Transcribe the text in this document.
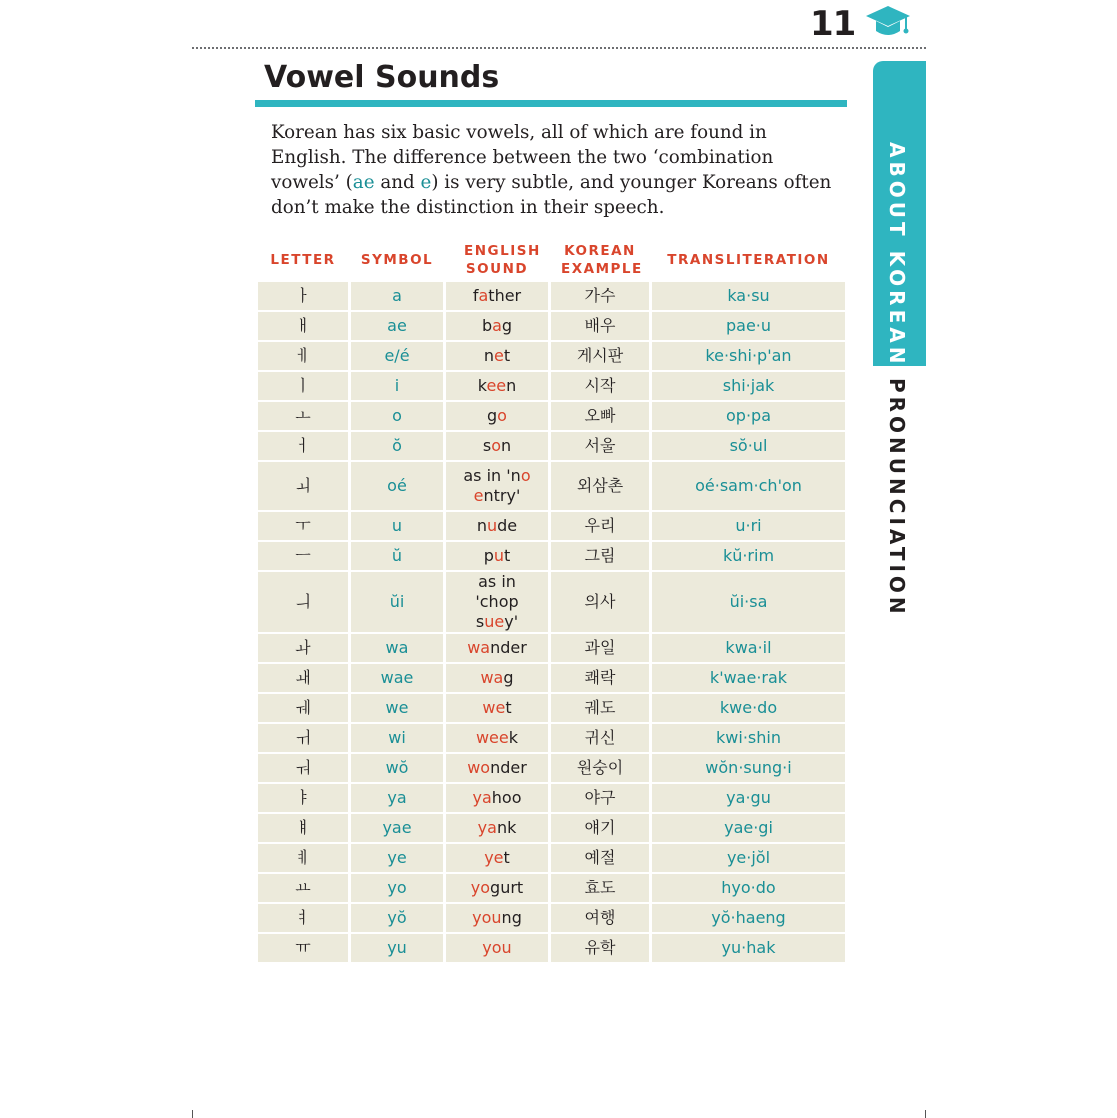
11
ABOUT KOREAN
PRONUNCIATION
Vowel Sounds

Korean has six basic vowels, all of which are found in English. The difference between the two ‘combination vowels’ (ae and e) is very subtle, and younger Koreans often don’t make the distinction in their speech.

LETTER	SYMBOL	ENGLISH SOUND	KOREAN EXAMPLE	TRANSLITERATION
ㅏ	a	father	가수	ka·su
ㅐ	ae	bag	배우	pae·u
ㅔ	e/é	net	게시판	ke·shi·p'an
ㅣ	i	keen	시작	shi·jak
ㅗ	o	go	오빠	op·pa
ㅓ	ŏ	son	서울	sŏ·ul
ㅚ	oé	as in 'no entry'	외삼촌	oé·sam·ch'on
ㅜ	u	nude	우리	u·ri
ㅡ	ŭ	put	그림	kŭ·rim
ㅢ	ŭi	as in 'chop suey'	의사	ŭi·sa
ㅘ	wa	wander	과일	kwa·il
ㅙ	wae	wag	쾌락	k'wae·rak
ㅞ	we	wet	궤도	kwe·do
ㅟ	wi	week	귀신	kwi·shin
ㅝ	wŏ	wonder	원숭이	wŏn·sung·i
ㅑ	ya	yahoo	야구	ya·gu
ㅒ	yae	yank	얘기	yae·gi
ㅖ	ye	yet	예절	ye·jŏl
ㅛ	yo	yogurt	효도	hyo·do
ㅕ	yŏ	young	여행	yŏ·haeng
ㅠ	yu	you	유학	yu·hak
